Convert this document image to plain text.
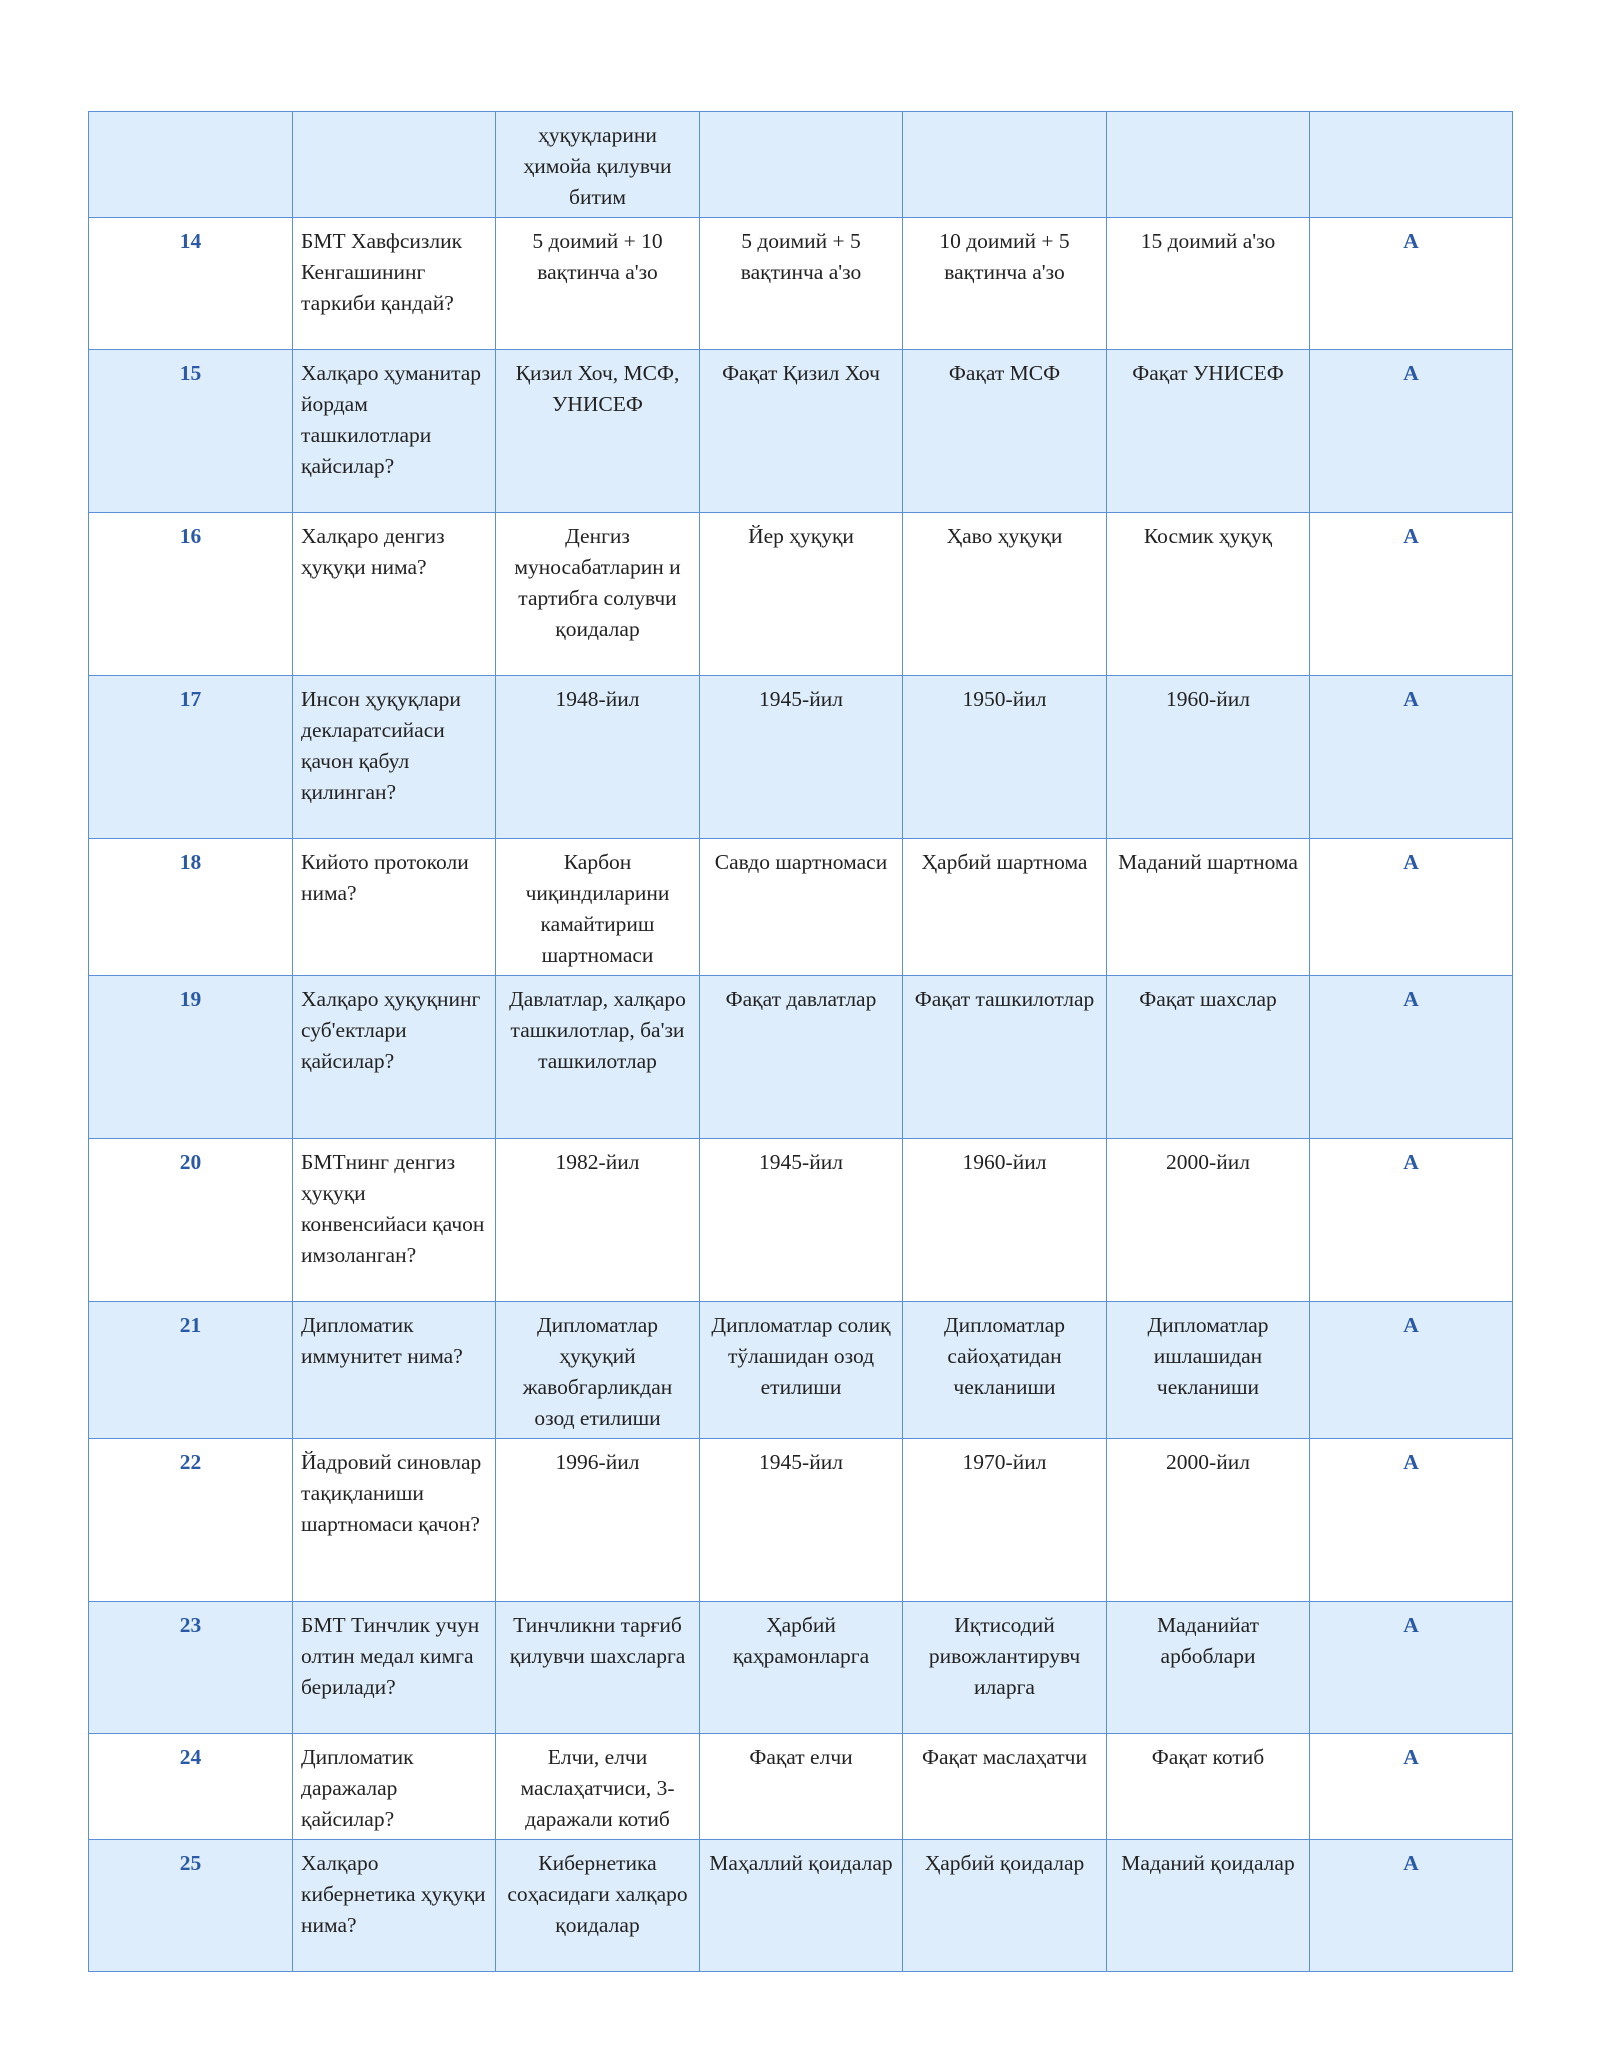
		ҳуқуқларини ҳимойа қилувчи битим				
14	БМТ Хавфсизлик Кенгашининг таркиби қандай?	5 доимий + 10 вақтинча а'зо	5 доимий + 5 вақтинча а'зо	10 доимий + 5 вақтинча а'зо	15 доимий а'зо	A
15	Халқаро ҳуманитар йордам ташкилотлари қайсилар?	Қизил Хоч, МСФ, УНИСЕФ	Фақат Қизил Хоч	Фақат МСФ	Фақат УНИСЕФ	A
16	Халқаро денгиз ҳуқуқи нима?	Денгиз муносабатларин и тартибга солувчи қоидалар	Йер ҳуқуқи	Ҳаво ҳуқуқи	Космик ҳуқуқ	A
17	Инсон ҳуқуқлари деклaратсийаси қачон қабул қилинган?	1948-йил	1945-йил	1950-йил	1960-йил	A
18	Кийото протоколи нима?	Карбон чиқиндиларини камайтириш шартномаси	Савдо шартномаси	Ҳарбий шартнома	Маданий шартнома	A
19	Халқаро ҳуқуқнинг суб'ектлари қайсилар?	Давлатлар, халқаро ташкилотлар, ба'зи ташкилотлар	Фақат давлатлар	Фақат ташкилотлар	Фақат шахслар	A
20	БМТнинг денгиз ҳуқуқи конвенсийаси қачон имзоланган?	1982-йил	1945-йил	1960-йил	2000-йил	A
21	Дипломатик иммунитет нима?	Дипломатлар ҳуқуқий жавобгарликдан озод етилиши	Дипломатлар солиқ тўлашидан озод етилиши	Дипломатлар сайоҳатидан чекланиши	Дипломатлар ишлашидан чекланиши	A
22	Йадровий синовлар тақиқланиши шартномаси қачон?	1996-йил	1945-йил	1970-йил	2000-йил	A
23	БМТ Тинчлик учун олтин медал кимга берилади?	Тинчликни тарғиб қилувчи шахсларга	Ҳарбий қаҳрамонларга	Иқтисодий ривожлантирувч иларга	Маданийат арбоблари	A
24	Дипломатик даражалар қайсилар?	Елчи, елчи маслаҳатчиси, 3-даражали котиб	Фақат елчи	Фақат маслаҳатчи	Фақат котиб	A
25	Халқаро кибернетика ҳуқуқи нима?	Кибернетика соҳасидаги халқаро қоидалар	Маҳаллий қоидалар	Ҳарбий қоидалар	Маданий қоидалар	A
